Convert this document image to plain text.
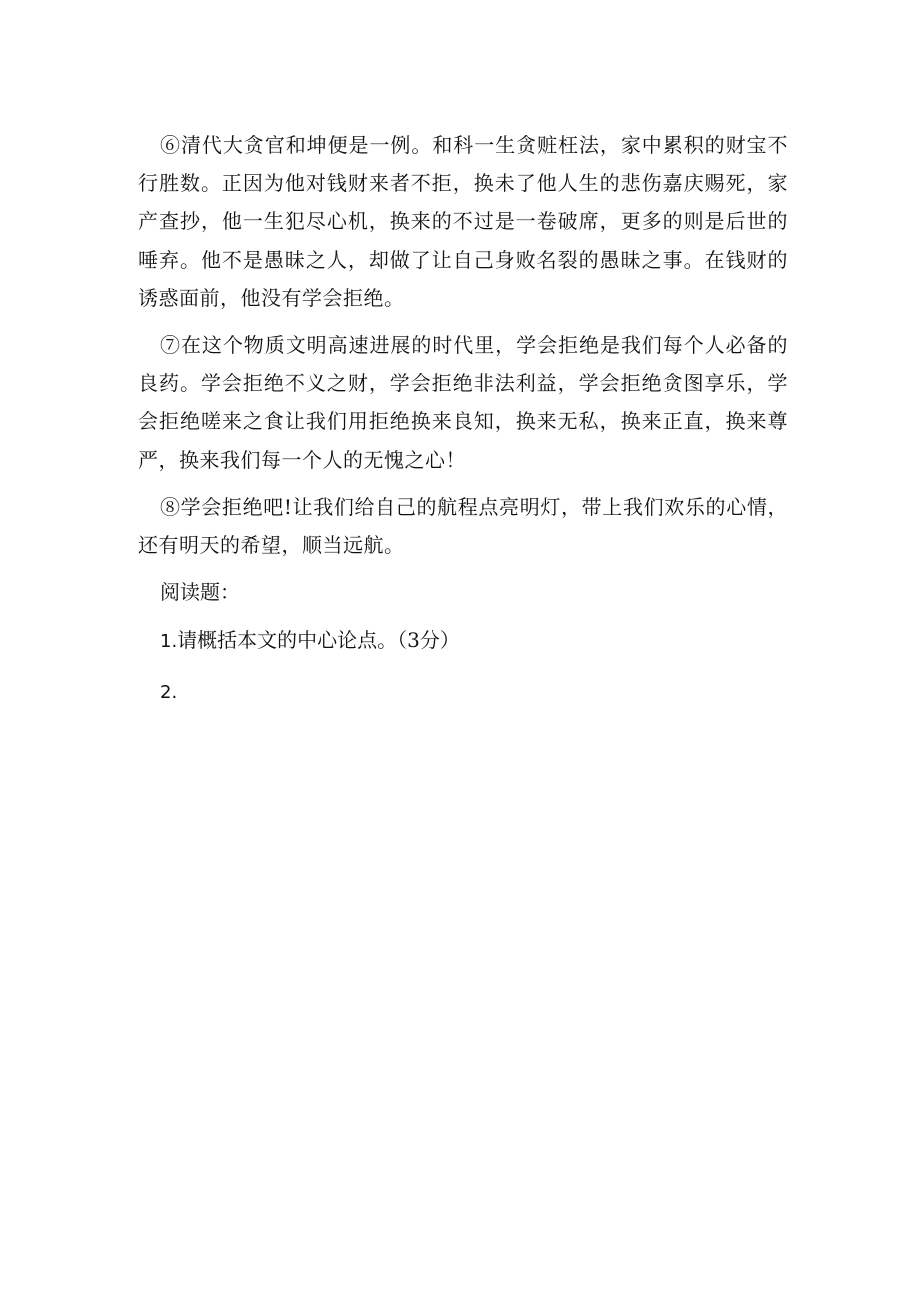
⑥清代大贪官和坤便是一例。和科一生贪赃枉法，家中累积的财宝不行胜数。正因为他对钱财来者不拒，换未了他人生的悲伤嘉庆赐死，家产查抄，他一生犯尽心机，换来的不过是一卷破席，更多的则是后世的唾弃。他不是愚昧之人，却做了让自己身败名裂的愚昧之事。在钱财的诱惑面前，他没有学会拒绝。

⑦在这个物质文明高速进展的时代里，学会拒绝是我们每个人必备的良药。学会拒绝不义之财，学会拒绝非法利益，学会拒绝贪图享乐，学会拒绝嗟来之食让我们用拒绝换来良知，换来无私，换来正直，换来尊严，换来我们每一个人的无愧之心！

⑧学会拒绝吧!让我们给自己的航程点亮明灯，带上我们欢乐的心情，还有明天的希望，顺当远航。

阅读题：

1.请概括本文的中心论点。（3分）

2.
